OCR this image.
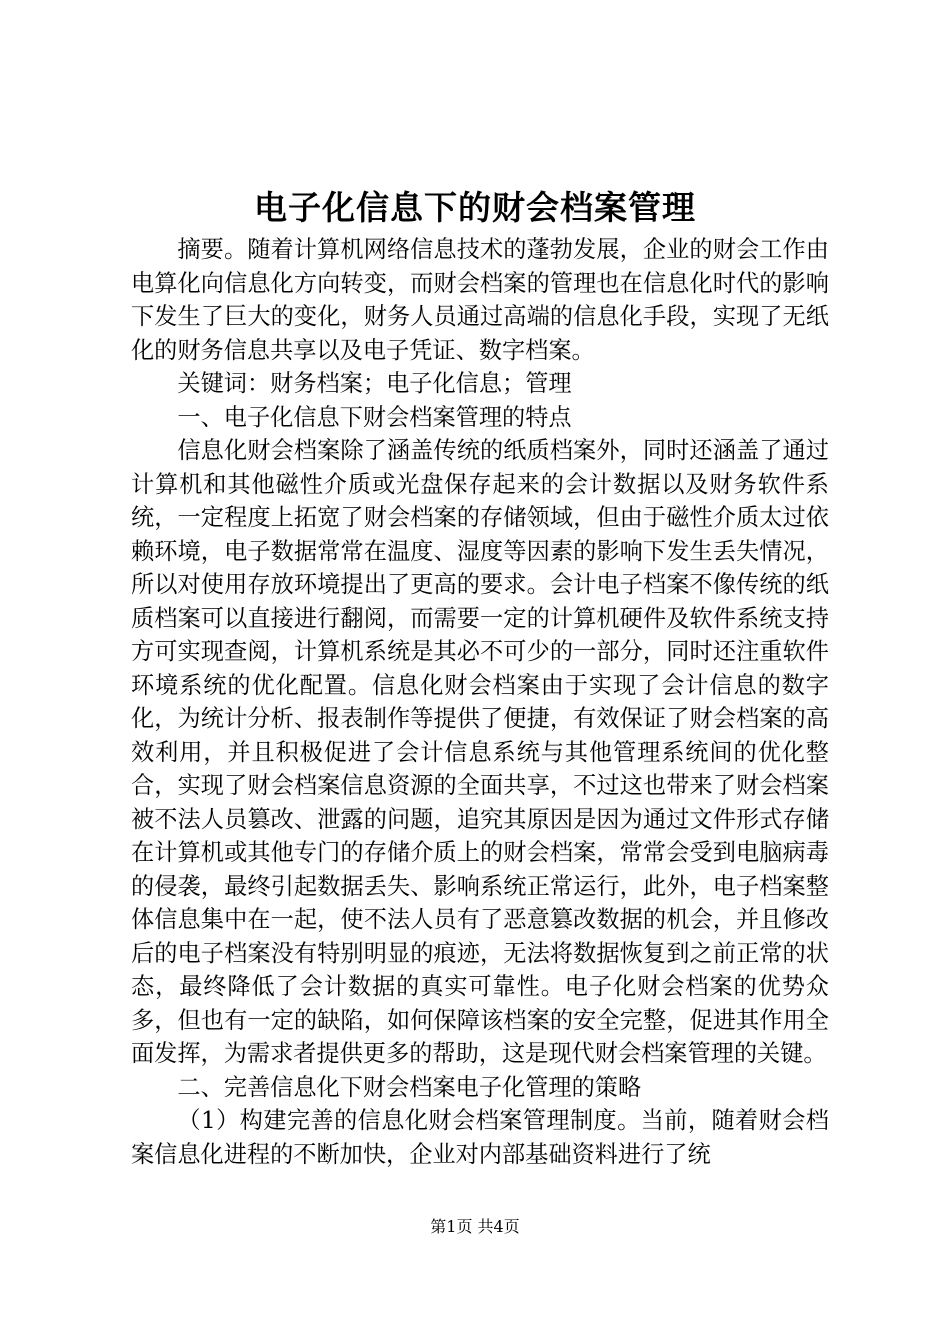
电子化信息下的财会档案管理

摘要。随着计算机网络信息技术的蓬勃发展，企业的财会工作由电算化向信息化方向转变，而财会档案的管理也在信息化时代的影响下发生了巨大的变化，财务人员通过高端的信息化手段，实现了无纸化的财务信息共享以及电子凭证、数字档案。

关键词：财务档案；电子化信息；管理

一、电子化信息下财会档案管理的特点

信息化财会档案除了涵盖传统的纸质档案外，同时还涵盖了通过计算机和其他磁性介质或光盘保存起来的会计数据以及财务软件系统，一定程度上拓宽了财会档案的存储领域，但由于磁性介质太过依赖环境，电子数据常常在温度、湿度等因素的影响下发生丢失情况，所以对使用存放环境提出了更高的要求。会计电子档案不像传统的纸质档案可以直接进行翻阅，而需要一定的计算机硬件及软件系统支持方可实现查阅，计算机系统是其必不可少的一部分，同时还注重软件环境系统的优化配置。信息化财会档案由于实现了会计信息的数字化，为统计分析、报表制作等提供了便捷，有效保证了财会档案的高效利用，并且积极促进了会计信息系统与其他管理系统间的优化整合，实现了财会档案信息资源的全面共享，不过这也带来了财会档案被不法人员篡改、泄露的问题，追究其原因是因为通过文件形式存储在计算机或其他专门的存储介质上的财会档案，常常会受到电脑病毒的侵袭，最终引起数据丢失、影响系统正常运行，此外，电子档案整体信息集中在一起，使不法人员有了恶意篡改数据的机会，并且修改后的电子档案没有特别明显的痕迹，无法将数据恢复到之前正常的状态，最终降低了会计数据的真实可靠性。电子化财会档案的优势众多，但也有一定的缺陷，如何保障该档案的安全完整，促进其作用全面发挥，为需求者提供更多的帮助，这是现代财会档案管理的关键。

二、完善信息化下财会档案电子化管理的策略

（1）构建完善的信息化财会档案管理制度。当前，随着财会档案信息化进程的不断加快，企业对内部基础资料进行了统

第1页 共4页
